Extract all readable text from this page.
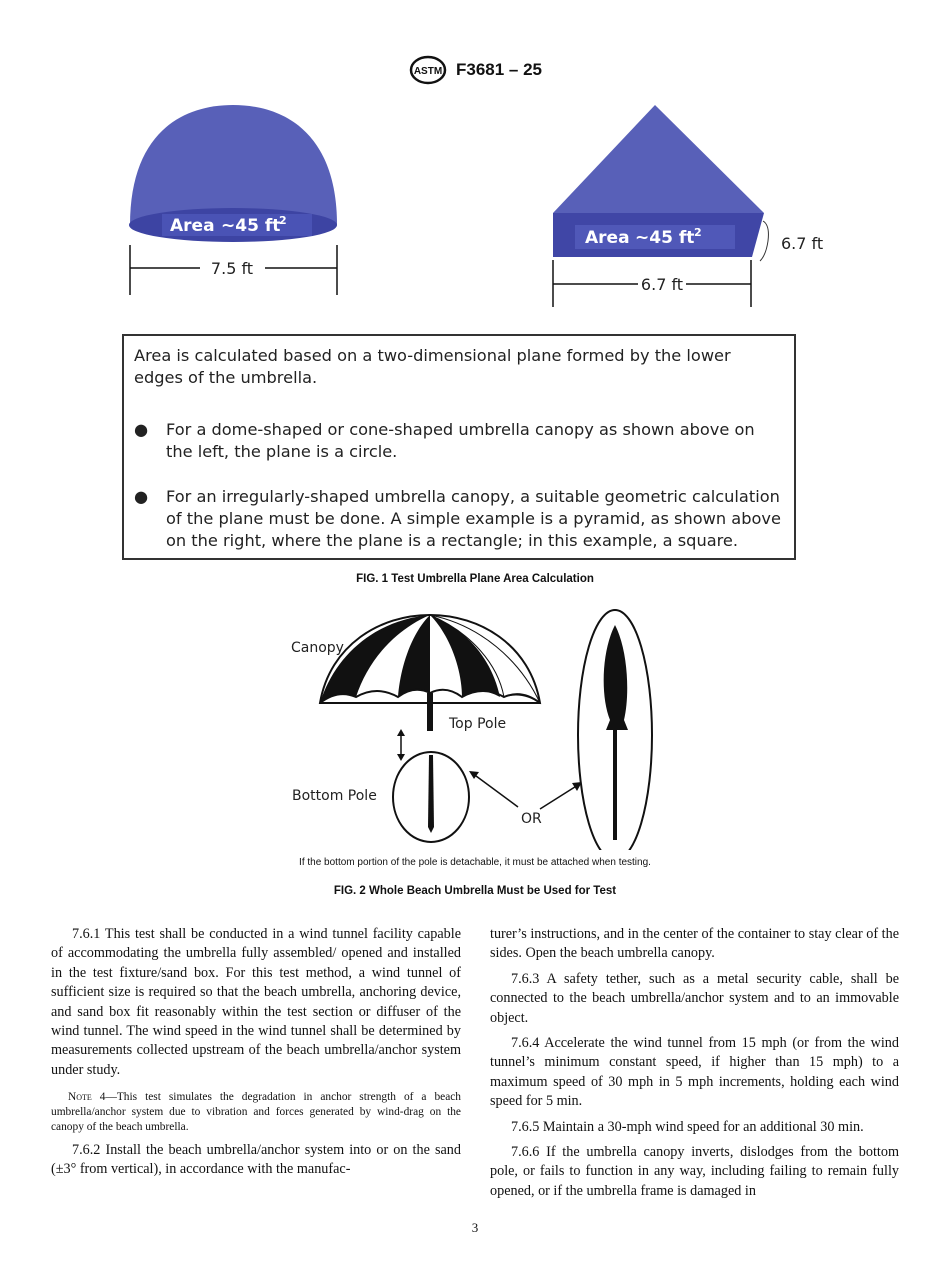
ASTM F3681 – 25
Area ~45 ft
2
7.5 ft
Area ~45 ft 2
6.7 ft
6.7 ft
Area is calculated based on a two-dimensional plane formed by the lower edges of the umbrella.
● For a dome-shaped or cone-shaped umbrella canopy as shown above on the left, the plane is a circle.
● For an irregularly-shaped umbrella canopy, a suitable geometric calculation of the plane must be done. A simple example is a pyramid, as shown above on the right, where the plane is a rectangle; in this example, a square.
FIG. 1 Test Umbrella Plane Area Calculation
Canopy
Top Pole
Bottom Pole
OR
If the bottom portion of the pole is detachable, it must be attached when testing.
FIG. 2 Whole Beach Umbrella Must be Used for Test

7.6.1 This test shall be conducted in a wind tunnel facility capable of accommodating the umbrella fully assembled/ opened and installed in the test fixture/sand box. For this test method, a wind tunnel of sufficient size is required so that the beach umbrella, anchoring device, and sand box fit reasonably within the test section or diffuser of the wind tunnel. The wind speed in the wind tunnel shall be determined by measurements collected upstream of the beach umbrella/anchor system under study.

Note 4—This test simulates the degradation in anchor strength of a beach umbrella/anchor system due to vibration and forces generated by wind-drag on the canopy of the beach umbrella.

7.6.2 Install the beach umbrella/anchor system into or on the sand (±3° from vertical), in accordance with the manufac-

turer’s instructions, and in the center of the container to stay clear of the sides. Open the beach umbrella canopy.

7.6.3 A safety tether, such as a metal security cable, shall be connected to the beach umbrella/anchor system and to an immovable object.

7.6.4 Accelerate the wind tunnel from 15 mph (or from the wind tunnel’s minimum constant speed, if higher than 15 mph) to a maximum speed of 30 mph in 5 mph increments, holding each wind speed for 5 min.

7.6.5 Maintain a 30-mph wind speed for an additional 30 min.

7.6.6 If the umbrella canopy inverts, dislodges from the bottom pole, or fails to function in any way, including failing to remain fully opened, or if the umbrella frame is damaged in

3
